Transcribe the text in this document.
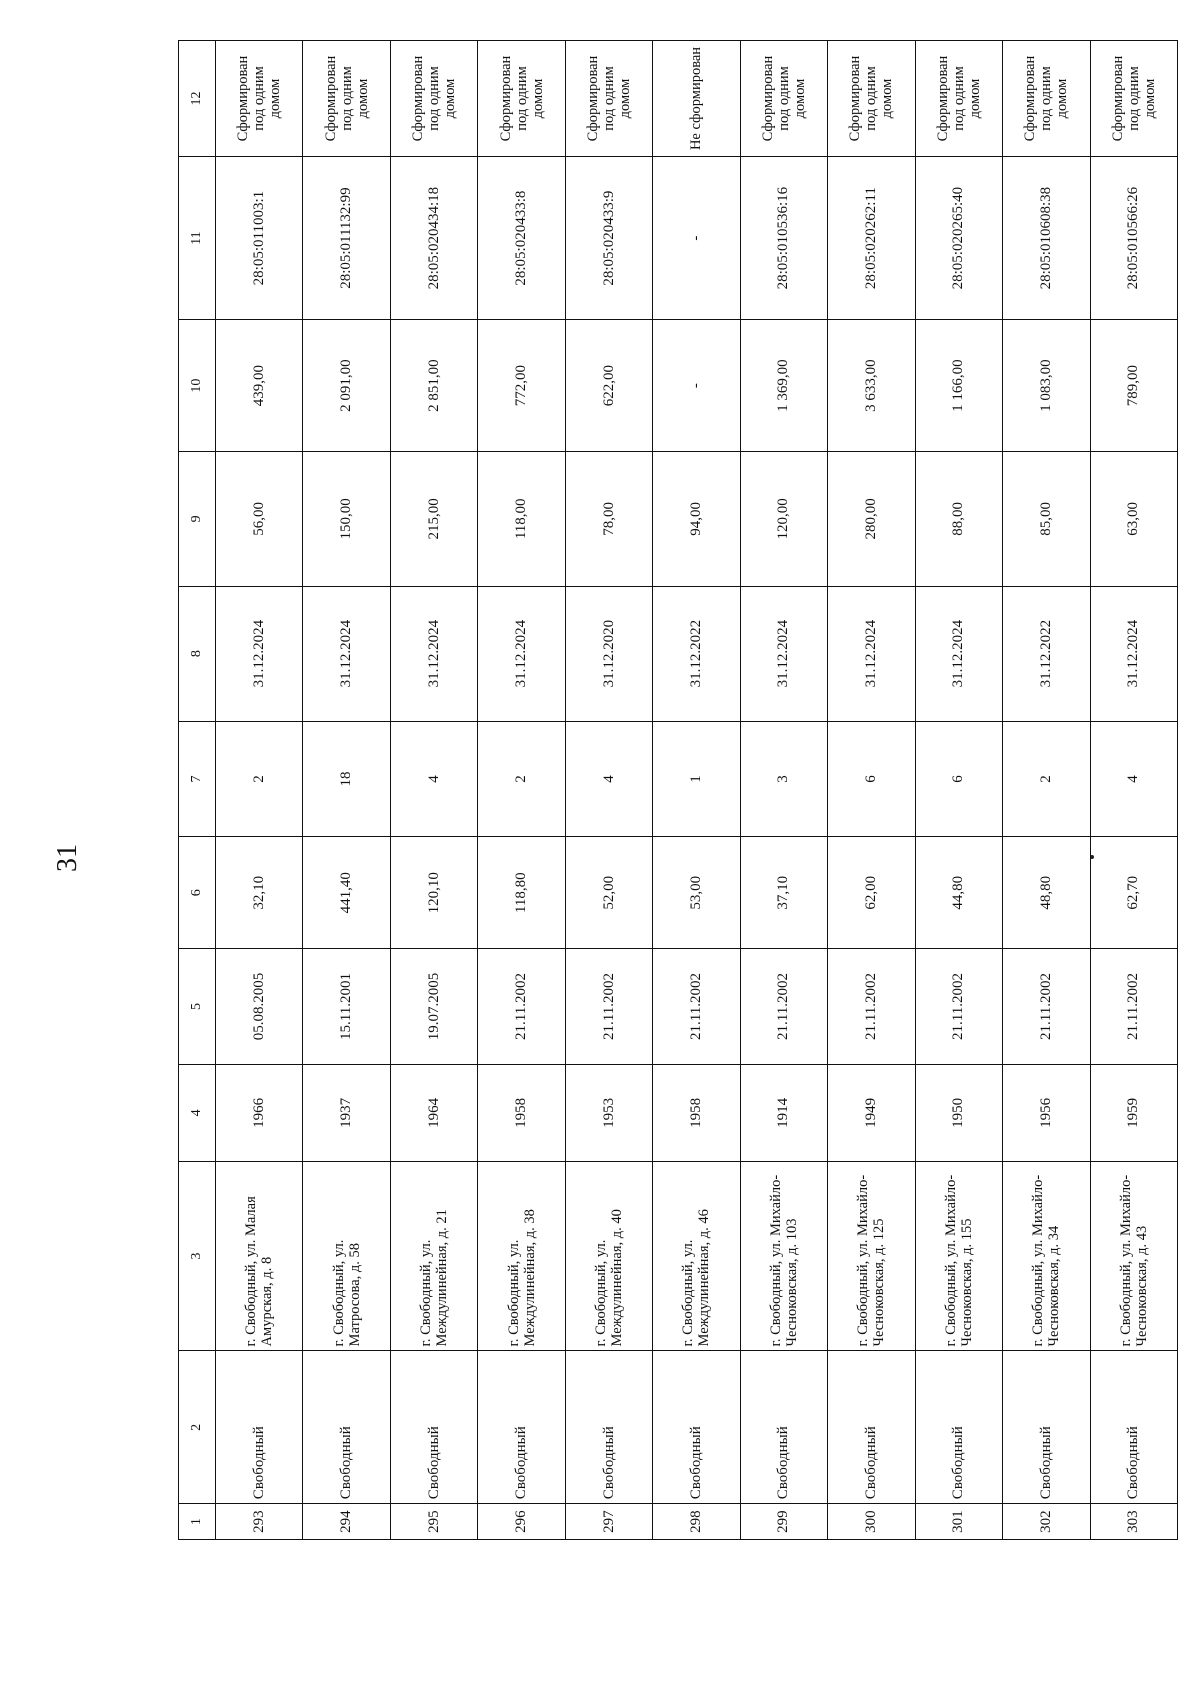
31
1	2	3	4	5	6	7	8	9	10	11	12
293	Свободный	г. Свободный, ул. Малая Амурская, д. 8	1966	05.08.2005	32,10	2	31.12.2024	56,00	439,00	28:05:011003:1	Сформирован под одним домом
294	Свободный	г. Свободный, ул. Матросова, д. 58	1937	15.11.2001	441,40	18	31.12.2024	150,00	2 091,00	28:05:011132:99	Сформирован под одним домом
295	Свободный	г. Свободный, ул. Междулинейная, д. 21	1964	19.07.2005	120,10	4	31.12.2024	215,00	2 851,00	28:05:020434:18	Сформирован под одним домом
296	Свободный	г. Свободный, ул. Междулинейная, д. 38	1958	21.11.2002	118,80	2	31.12.2024	118,00	772,00	28:05:020433:8	Сформирован под одним домом
297	Свободный	г. Свободный, ул. Междулинейная, д. 40	1953	21.11.2002	52,00	4	31.12.2020	78,00	622,00	28:05:020433:9	Сформирован под одним домом
298	Свободный	г. Свободный, ул. Междулинейная, д. 46	1958	21.11.2002	53,00	1	31.12.2022	94,00	-	-	Не сформирован
299	Свободный	г. Свободный, ул. Михайло-Чесноковская, д. 103	1914	21.11.2002	37,10	3	31.12.2024	120,00	1 369,00	28:05:010536:16	Сформирован под одним домом
300	Свободный	г. Свободный, ул. Михайло-Чесноковская, д. 125	1949	21.11.2002	62,00	6	31.12.2024	280,00	3 633,00	28:05:020262:11	Сформирован под одним домом
301	Свободный	г. Свободный, ул. Михайло-Чесноковская, д. 155	1950	21.11.2002	44,80	6	31.12.2024	88,00	1 166,00	28:05:020265:40	Сформирован под одним домом
302	Свободный	г. Свободный, ул. Михайло-Чесноковская, д. 34	1956	21.11.2002	48,80	2	31.12.2022	85,00	1 083,00	28:05:010608:38	Сформирован под одним домом
303	Свободный	г. Свободный, ул. Михайло-Чесноковская, д. 43	1959	21.11.2002	62,70	4	31.12.2024	63,00	789,00	28:05:010566:26	Сформирован под одним домом
